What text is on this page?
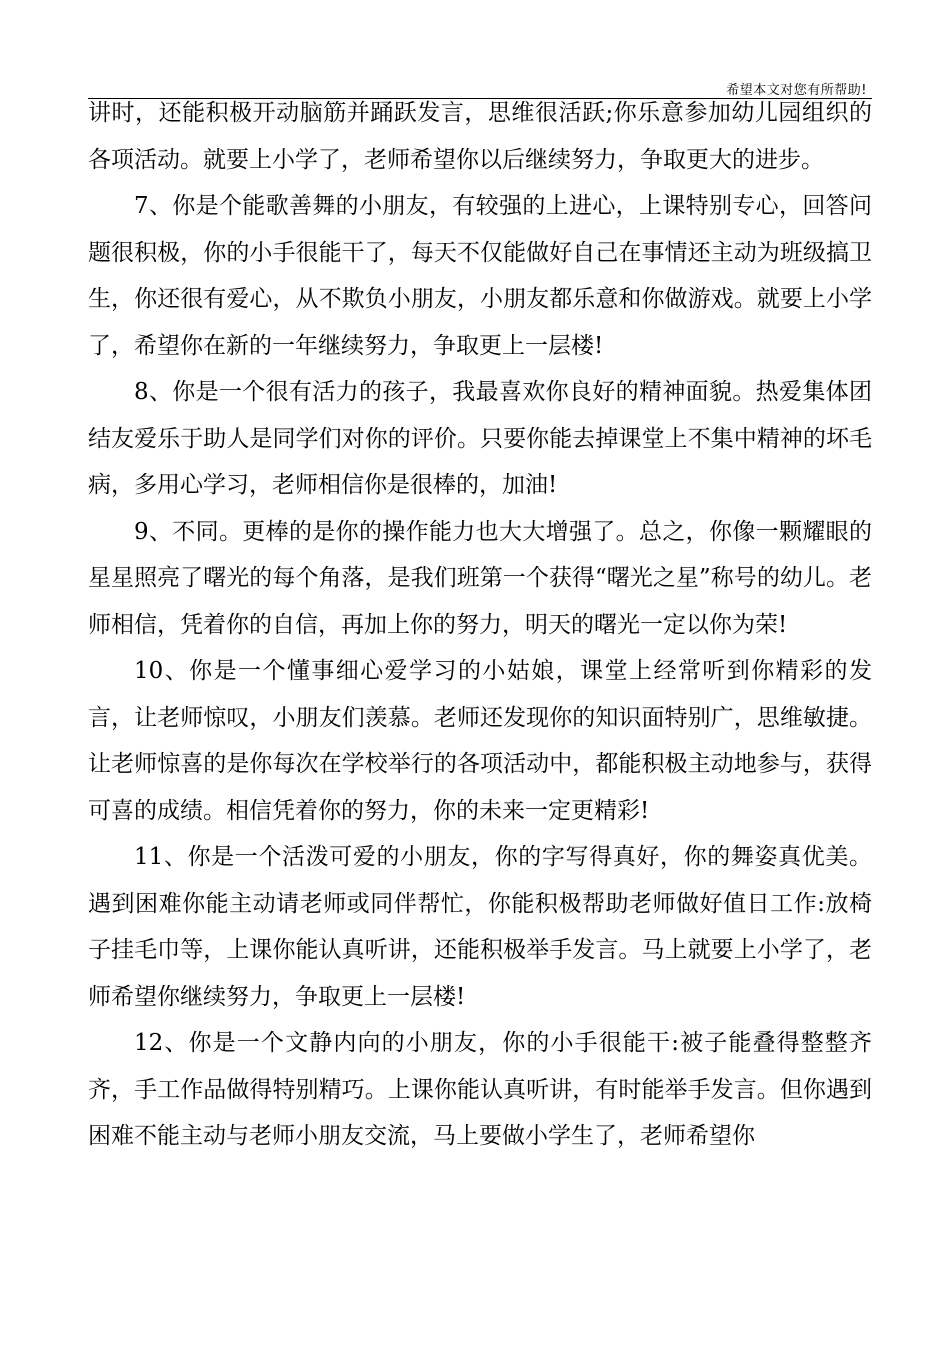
希望本文对您有所帮助!

讲时，还能积极开动脑筋并踊跃发言，思维很活跃;你乐意参加幼儿园组织的各项活动。就要上小学了，老师希望你以后继续努力，争取更大的进步。

7、你是个能歌善舞的小朋友，有较强的上进心，上课特别专心，回答问题很积极，你的小手很能干了，每天不仅能做好自己在事情还主动为班级搞卫生，你还很有爱心，从不欺负小朋友，小朋友都乐意和你做游戏。就要上小学了，希望你在新的一年继续努力，争取更上一层楼!

8、你是一个很有活力的孩子，我最喜欢你良好的精神面貌。热爱集体团结友爱乐于助人是同学们对你的评价。只要你能去掉课堂上不集中精神的坏毛病，多用心学习，老师相信你是很棒的，加油!

9、不同。更棒的是你的操作能力也大大增强了。总之，你像一颗耀眼的星星照亮了曙光的每个角落，是我们班第一个获得“曙光之星”称号的幼儿。老师相信，凭着你的自信，再加上你的努力，明天的曙光一定以你为荣!

10、你是一个懂事细心爱学习的小姑娘，课堂上经常听到你精彩的发言，让老师惊叹，小朋友们羡慕。老师还发现你的知识面特别广，思维敏捷。让老师惊喜的是你每次在学校举行的各项活动中，都能积极主动地参与，获得可喜的成绩。相信凭着你的努力，你的未来一定更精彩!

11、你是一个活泼可爱的小朋友，你的字写得真好，你的舞姿真优美。遇到困难你能主动请老师或同伴帮忙，你能积极帮助老师做好值日工作:放椅子挂毛巾等，上课你能认真听讲，还能积极举手发言。马上就要上小学了，老师希望你继续努力，争取更上一层楼!

12、你是一个文静内向的小朋友，你的小手很能干:被子能叠得整整齐齐，手工作品做得特别精巧。上课你能认真听讲，有时能举手发言。但你遇到困难不能主动与老师小朋友交流，马上要做小学生了，老师希望你
